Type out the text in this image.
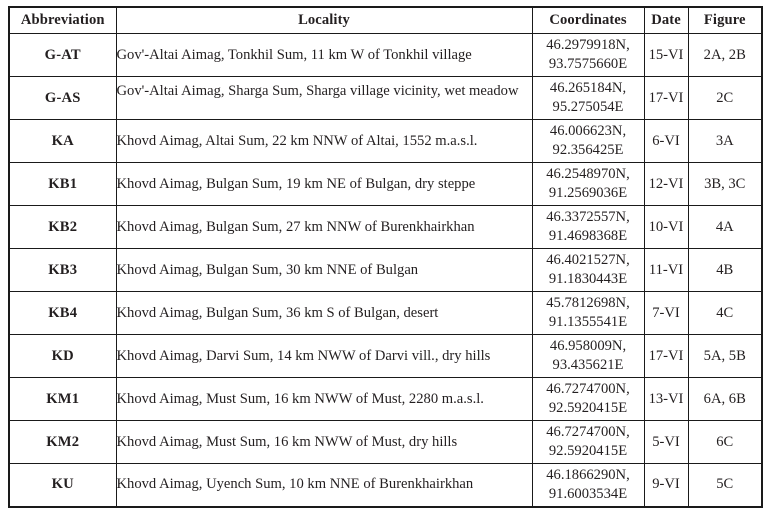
Abbreviation	Locality	Coordinates	Date	Figure
G-AT	Gov'-Altai Aimag, Tonkhil Sum, 11 km W of Tonkhil village	46.2979918N,
93.7575660E	15-VI	2A, 2B
G-AS	Gov'-Altai Aimag, Sharga Sum, Sharga village vicinity, wet meadow	46.265184N,
95.275054E	17-VI	2C
KA	Khovd Aimag, Altai Sum, 22 km NNW of Altai, 1552 m.a.s.l.	46.006623N,
92.356425E	6-VI	3A
KB1	Khovd Aimag, Bulgan Sum, 19 km NE of Bulgan, dry steppe	46.2548970N,
91.2569036E	12-VI	3B, 3C
KB2	Khovd Aimag, Bulgan Sum, 27 km NNW of Burenkhairkhan	46.3372557N,
91.4698368E	10-VI	4A
KB3	Khovd Aimag, Bulgan Sum, 30 km NNE of Bulgan	46.4021527N,
91.1830443E	11-VI	4B
KB4	Khovd Aimag, Bulgan Sum, 36 km S of Bulgan, desert	45.7812698N,
91.1355541E	7-VI	4C
KD	Khovd Aimag, Darvi Sum, 14 km NWW of Darvi vill., dry hills	46.958009N,
93.435621E	17-VI	5A, 5B
KM1	Khovd Aimag, Must Sum, 16 km NWW of Must, 2280 m.a.s.l.	46.7274700N,
92.5920415E	13-VI	6A, 6B
KM2	Khovd Aimag, Must Sum, 16 km NWW of Must, dry hills	46.7274700N,
92.5920415E	5-VI	6C
KU	Khovd Aimag, Uyench Sum, 10 km NNE of Burenkhairkhan	46.1866290N,
91.6003534E	9-VI	5C
